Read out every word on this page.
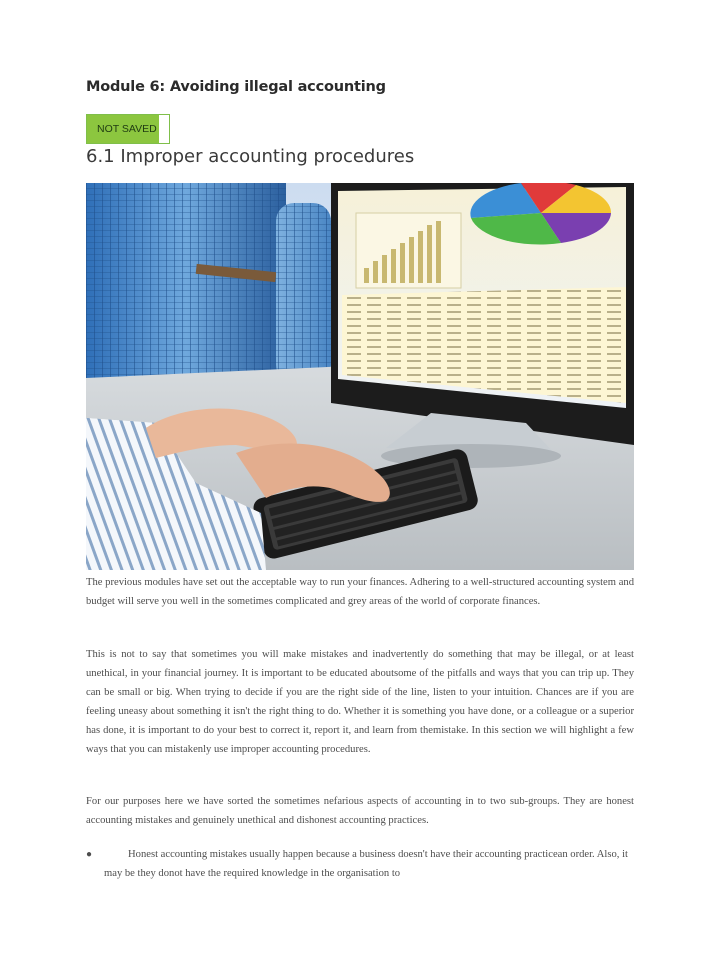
Module 6: Avoiding illegal accounting
NOT SAVED
6.1 Improper accounting procedures

The previous modules have set out the acceptable way to run your finances. Adhering to a well-structured accounting system and budget will serve you well in the sometimes complicated and grey areas of the world of corporate finances.

This is not to say that sometimes you will make mistakes and inadvertently do something that may be illegal, or at least unethical, in your financial journey. It is important to be educated aboutsome of the pitfalls and ways that you can trip up. They can be small or big. When trying to decide if you are the right side of the line, listen to your intuition. Chances are if you are feeling uneasy about something it isn't the right thing to do. Whether it is something you have done, or a colleague or a superior has done, it is important to do your best to correct it, report it, and learn from themistake. In this section we will highlight a few ways that you can mistakenly use improper accounting procedures.

For our purposes here we have sorted the sometimes nefarious aspects of accounting in to two sub-groups. They are honest accounting mistakes and genuinely unethical and dishonest accounting practices.

●	Honest accounting mistakes usually happen because a business doesn't have their accounting practicean order. Also, it may be they donot have the required knowledge in the organisation to
